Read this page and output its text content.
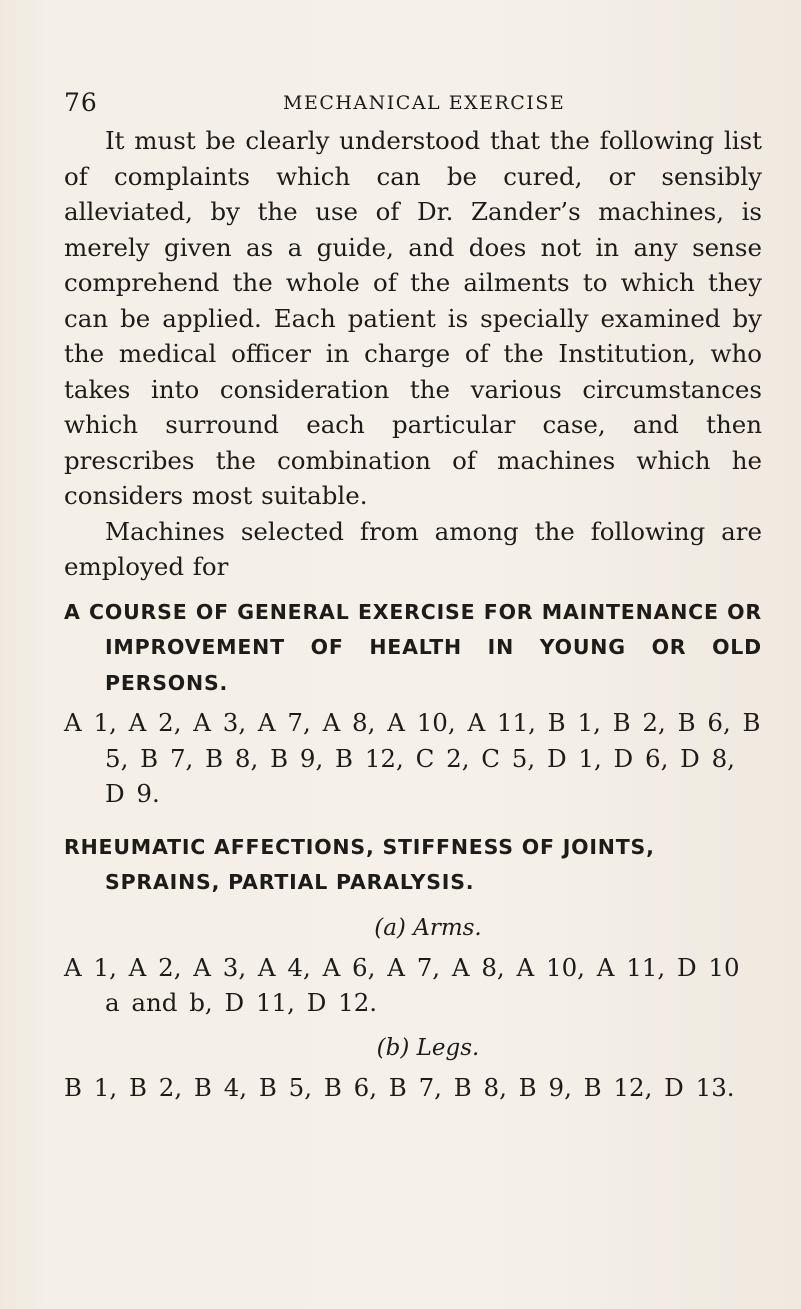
76	MECHANICAL EXERCISE

It must be clearly understood that the following list of complaints which can be cured, or sensibly alleviated, by the use of Dr. Zander’s machines, is merely given as a guide, and does not in any sense comprehend the whole of the ailments to which they can be applied. Each patient is specially examined by the medical officer in charge of the Institution, who takes into consideration the various circumstances which surround each particular case, and then prescribes the combination of machines which he considers most suitable.

Machines selected from among the following are employed for

A COURSE OF GENERAL EXERCISE FOR MAINTENANCE OR IMPROVEMENT OF HEALTH IN YOUNG OR OLD PERSONS.

A 1, A 2, A 3, A 7, A 8, A 10, A 11, B 1, B 2, B 6, B 5, B 7, B 8, B 9, B 12, C 2, C 5, D 1, D 6, D 8, D 9.

RHEUMATIC AFFECTIONS, STIFFNESS OF JOINTS, SPRAINS, PARTIAL PARALYSIS.

(a) Arms.

A 1, A 2, A 3, A 4, A 6, A 7, A 8, A 10, A 11, D 10 a and b, D 11, D 12.

(b) Legs.

B 1, B 2, B 4, B 5, B 6, B 7, B 8, B 9, B 12, D 13.
